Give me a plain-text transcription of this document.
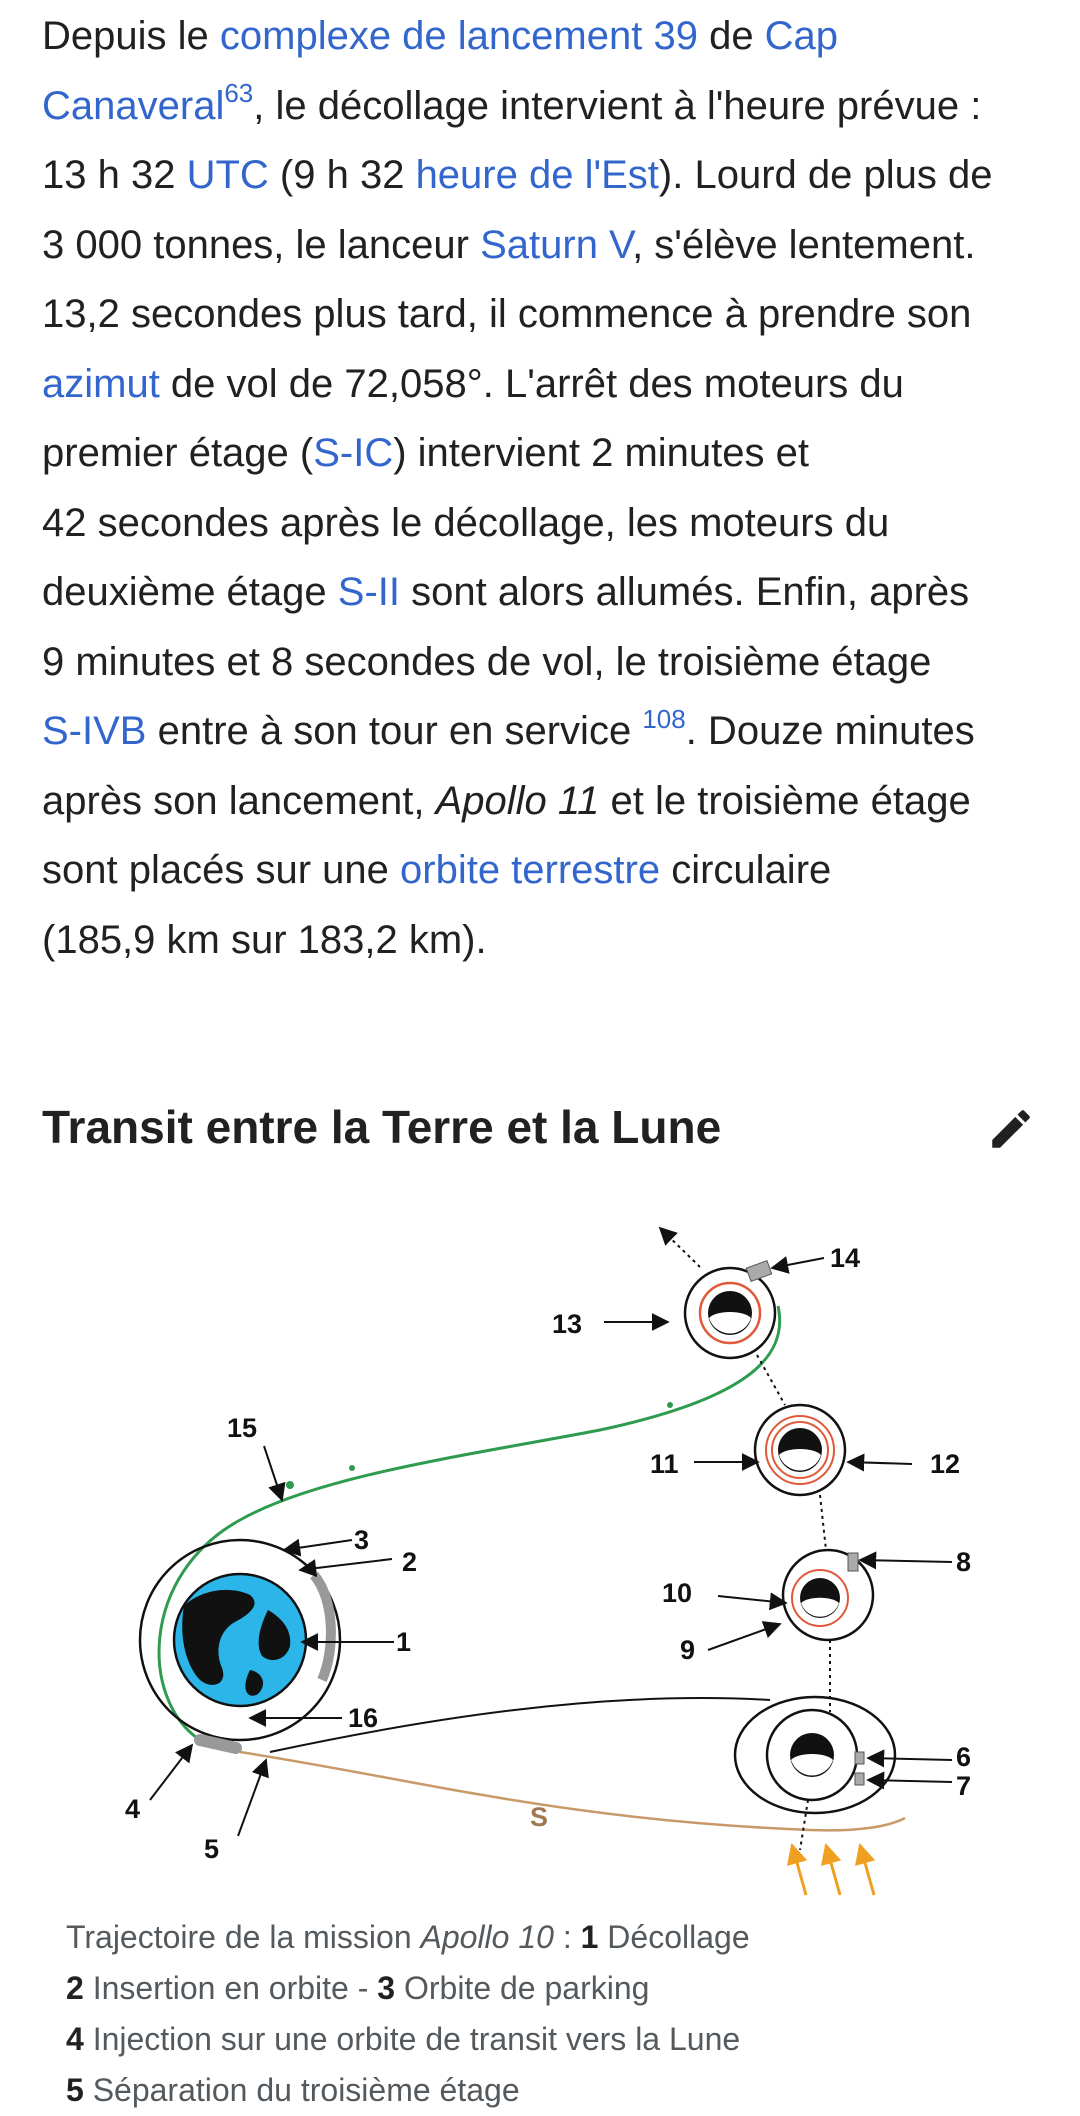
Depuis le complexe de lancement 39 de Cap
Canaveral$^{63}$, le décollage intervient à l'heure prévue :
13 h 32 UTC (9 h 32 heure de l'Est). Lourd de plus de
3 000 tonnes, le lanceur Saturn V, s'élève lentement.
13,2 secondes plus tard, il commence à prendre son
azimut de vol de 72,058°. L'arrêt des moteurs du
premier étage (S-IC) intervient 2 minutes et
42 secondes après le décollage, les moteurs du
deuxième étage S-II sont alors allumés. Enfin, après
9 minutes et 8 secondes de vol, le troisième étage
S-IVB entre à son tour en service $^{108}$. Douze minutes
après son lancement, Apollo 11 et le troisième étage
sont placés sur une orbite terrestre circulaire
(185,9 km sur 183,2 km).
Transit entre la Terre et la Lune
1
2
3
4
5
6
7
8
9
10
11	12
13
14
15
16
S
Trajectoire de la mission Apollo 10 : 1 Décollage
2 Insertion en orbite - 3 Orbite de parking
4 Injection sur une orbite de transit vers la Lune
5 Séparation du troisième étage
